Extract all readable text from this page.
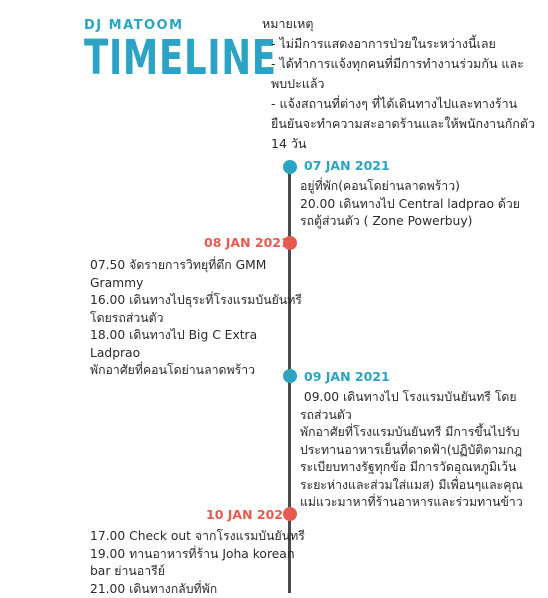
DJ MATOOM
TIMELINE
หมายเหตุ
- ไม่มีการแสดงอาการป่วยในระหว่างนี้เลย
- ได้ทำการแจ้งทุกคนที่มีการทำงานร่วมกัน และ
พบปะแล้ว
- แจ้งสถานที่ต่างๆ ที่ได้เดินทางไปและทางร้าน
ยืนยันจะทำความสะอาดร้านและให้พนักงานกักตัว
14 วัน
07 JAN 2021
อยู่ที่พัก(คอนโดย่านลาดพร้าว)
20.00 เดินทางไป Central ladprao ด้วย
รถตู้ส่วนตัว ( Zone Powerbuy)
08 JAN 2021
07.50 จัดรายการวิทยุที่ตึก GMM
Grammy
16.00 เดินทางไปธุระที่โรงแรมบันยันทรี
โดยรถส่วนตัว
18.00 เดินทางไป Big C Extra
Ladprao
พักอาศัยที่คอนโดย่านลาดพร้าว	09 JAN 2021
09.00 เดินทางไป โรงแรมบันยันทรี โดย
รถส่วนตัว
พักอาศัยที่โรงแรมบันยันทรี มีการขึ้นไปรับ
ประทานอาหารเย็นที่ดาดฟ้า(ปฏิบัติตามกฎ
ระเบียบทางรัฐทุกข้อ มีการวัดอุณหภูมิเว้น
ระยะห่างและส่วมใส่แมส) มีเพื่อนๆและคุณ
แม่แวะมาหาที่ร้านอาหารและร่วมทานข้าว
10 JAN 2021
17.00 Check out จากโรงแรมบันยันทรี
19.00 ทานอาหารที่ร้าน Joha korean
bar ย่านอารีย์
21.00 เดินทางกลับที่พัก
